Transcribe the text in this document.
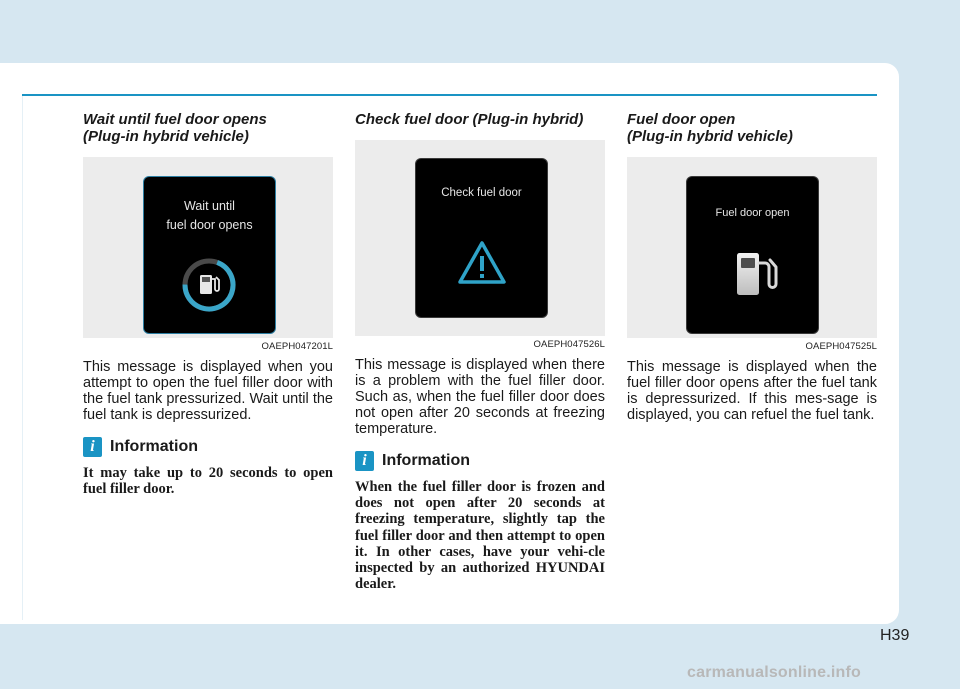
Wait until fuel door opens
(Plug-in hybrid vehicle)
Wait until
fuel door opens
OAEPH047201L

This message is displayed when you attempt to open the fuel filler door with the fuel tank pressurized. Wait until the fuel tank is depressurized.

i Information

It may take up to 20 seconds to open fuel filler door.

Check fuel door (Plug-in hybrid)
Check fuel door
OAEPH047526L

This message is displayed when there is a problem with the fuel filler door. Such as, when the fuel filler door does not open after 20 seconds at freezing temperature.

i Information

When the fuel filler door is frozen and does not open after 20 seconds at freezing temperature, slightly tap the fuel filler door and then attempt to open it. In other cases, have your vehi-cle inspected by an authorized HYUNDAI dealer.

Fuel door open
(Plug-in hybrid vehicle)
Fuel door open
OAEPH047525L

This message is displayed when the fuel filler door opens after the fuel tank is depressurized. If this mes-sage is displayed, you can refuel the fuel tank.

H39
carmanualsonline.info
